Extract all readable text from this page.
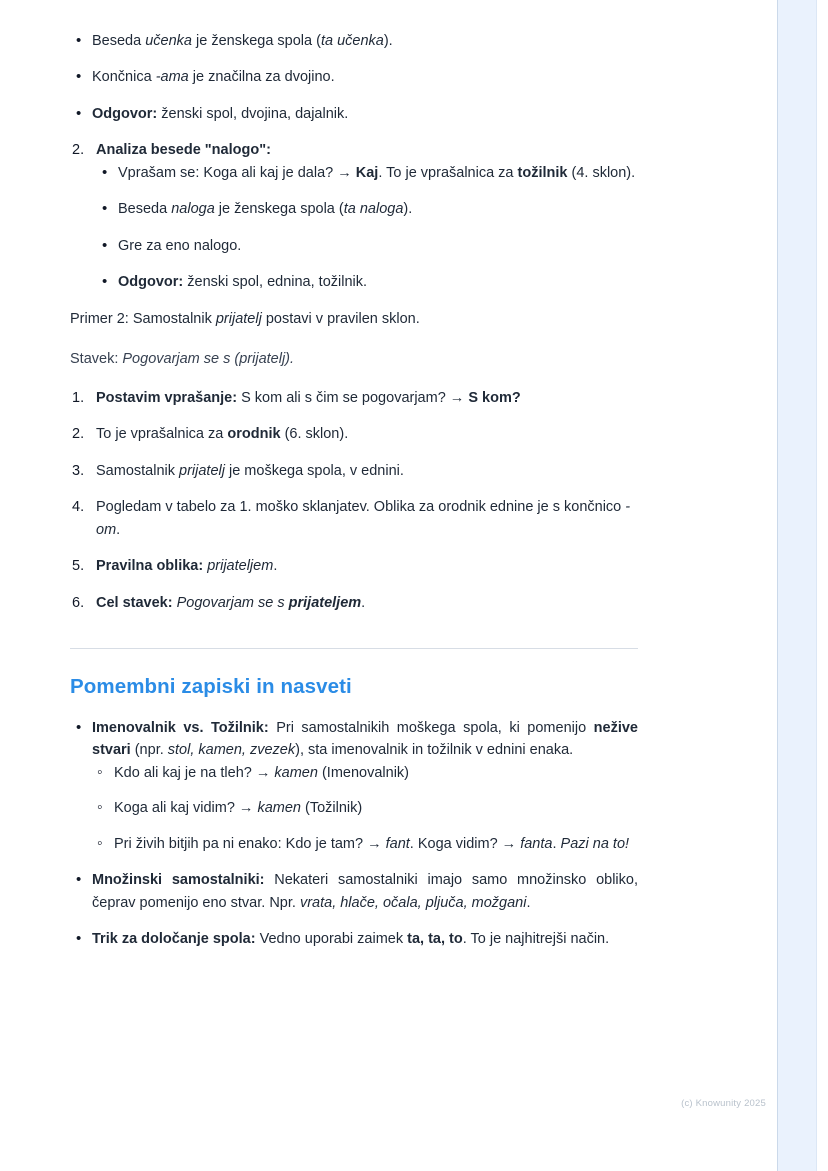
• Beseda učenka je ženskega spola (ta učenka).
• Končnica -ama je značilna za dvojino.
• Odgovor: ženski spol, dvojina, dajalnik.
Analiza besede "nalogo":
• Vprašam se: Koga ali kaj je dala? → Kaj. To je vprašalnica za tožilnik (4. sklon).
• Beseda naloga je ženskega spola (ta naloga).
• Gre za eno nalogo.
• Odgovor: ženski spol, ednina, tožilnik.

Primer 2: Samostalnik prijatelj postavi v pravilen sklon.

Stavek: Pogovarjam se s (prijatelj).

Postavim vprašanje: S kom ali s čim se pogovarjam? → S kom?
To je vprašalnica za orodnik (6. sklon).
Samostalnik prijatelj je moškega spola, v ednini.
Pogledam v tabelo za 1. moško sklanjatev. Oblika za orodnik ednine je s končnico -om.
Pravilna oblika: prijateljem.
Cel stavek: Pogovarjam se s prijateljem.
Pomembni zapiski in nasveti
• Imenovalnik vs. Tožilnik: Pri samostalnikih moškega spola, ki pomenijo nežive stvari (npr. stol, kamen, zvezek), sta imenovalnik in tožilnik v ednini enaka.
◦ Kdo ali kaj je na tleh? → kamen (Imenovalnik)
◦ Koga ali kaj vidim? → kamen (Tožilnik)
◦ Pri živih bitjih pa ni enako: Kdo je tam? → fant. Koga vidim? → fanta. Pazi na to!
• Množinski samostalniki: Nekateri samostalniki imajo samo množinsko obliko, čeprav pomenijo eno stvar. Npr. vrata, hlače, očala, pljuča, možgani.
• Trik za določanje spola: Vedno uporabi zaimek ta, ta, to. To je najhitrejši način.
(c) Knowunity 2025
